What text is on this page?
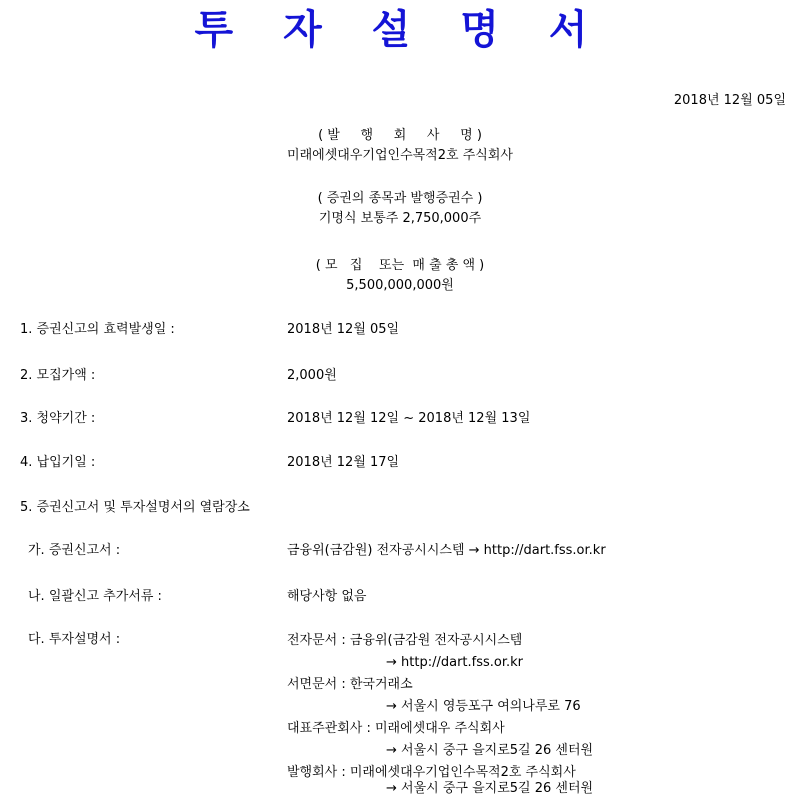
투 자 설 명 서
2018년 12월 05일
( 발     행     회     사     명 )
미래에셋대우기업인수목적2호 주식회사
( 증권의 종목과 발행증권수 )
기명식 보통주 2,750,000주
( 모   집    또는  매 출 총 액 )
5,500,000,000원
1. 증권신고의 효력발생일 :	2018년 12월 05일
2. 모집가액 :	2,000원
3. 청약기간 :	2018년 12월 12일 ~ 2018년 12월 13일
4. 납입기일 :	2018년 12월 17일
5. 증권신고서 및 투자설명서의 열람장소
가. 증권신고서 :	금융위(금감원) 전자공시시스템 → http://dart.fss.or.kr
나. 일괄신고 추가서류 :	해당사항 없음
다. 투자설명서 :	전자문서 : 금융위(금감원 전자공시시스템
→ http://dart.fss.or.kr
서면문서 : 한국거래소
→ 서울시 영등포구 여의나루로 76
대표주관회사 : 미래에셋대우 주식회사
→ 서울시 중구 을지로5길 26 센터원
발행회사 : 미래에셋대우기업인수목적2호 주식회사
→ 서울시 중구 을지로5길 26 센터원
